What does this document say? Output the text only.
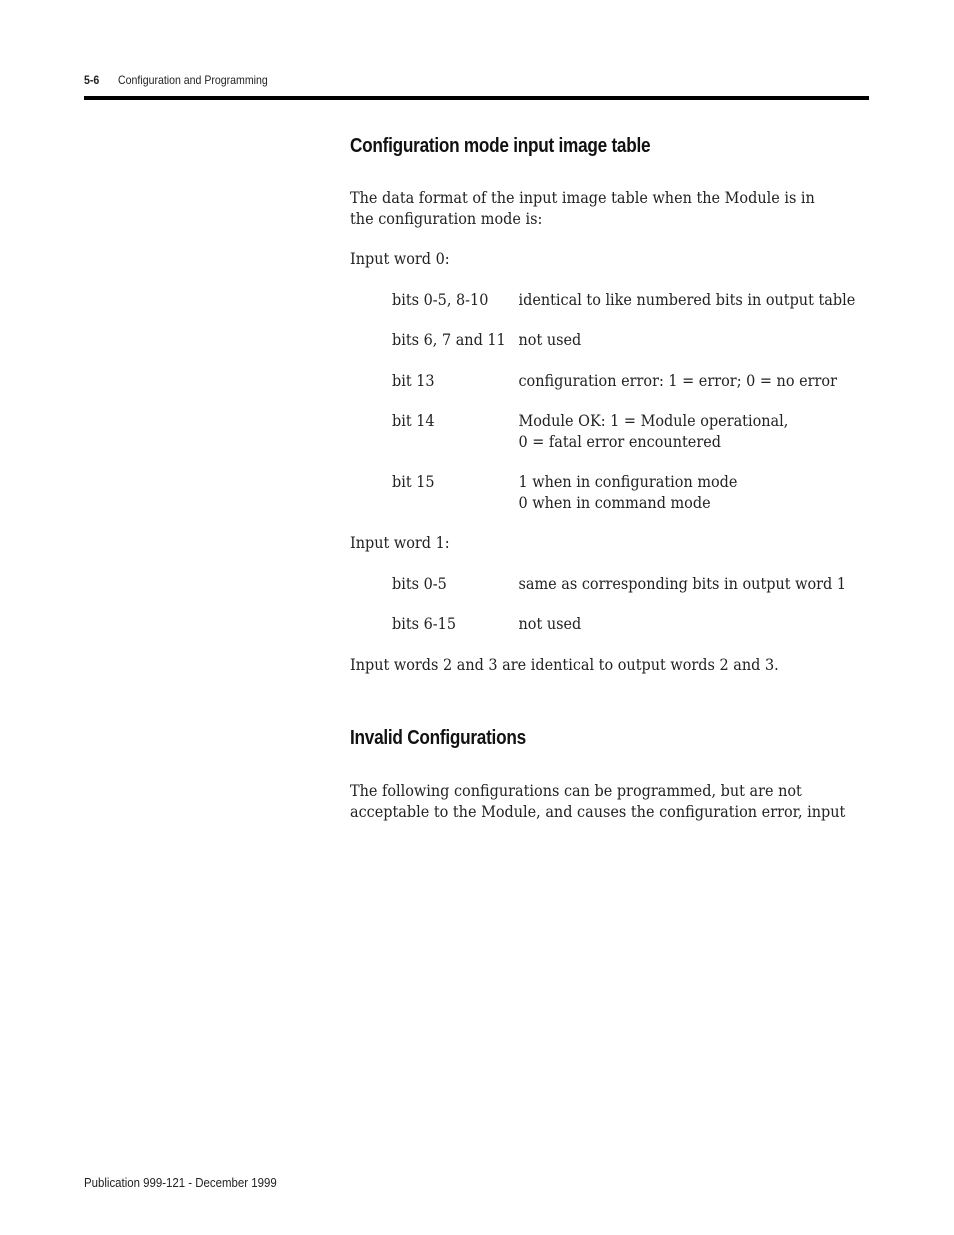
5-6 Configuration and Programming
Configuration mode input image table

The data format of the input image table when the Module is in the configuration mode is:

Input word 0:

bits 0-5, 8-10 identical to like numbered bits in output table
bits 6, 7 and 11 not used
bit 13	configuration error: 1 = error; 0 = no error
bit 14	Module OK: 1 = Module operational,
0 = fatal error encountered
bit 15	1 when in configuration mode
0 when in command mode

Input word 1:

bits 0-5	same as corresponding bits in output word 1
bits 6-15	not used

Input words 2 and 3 are identical to output words 2 and 3.

Invalid Configurations

The following configurations can be programmed, but are not
acceptable to the Module, and causes the configuration error, input

Publication 999-121 - December 1999
